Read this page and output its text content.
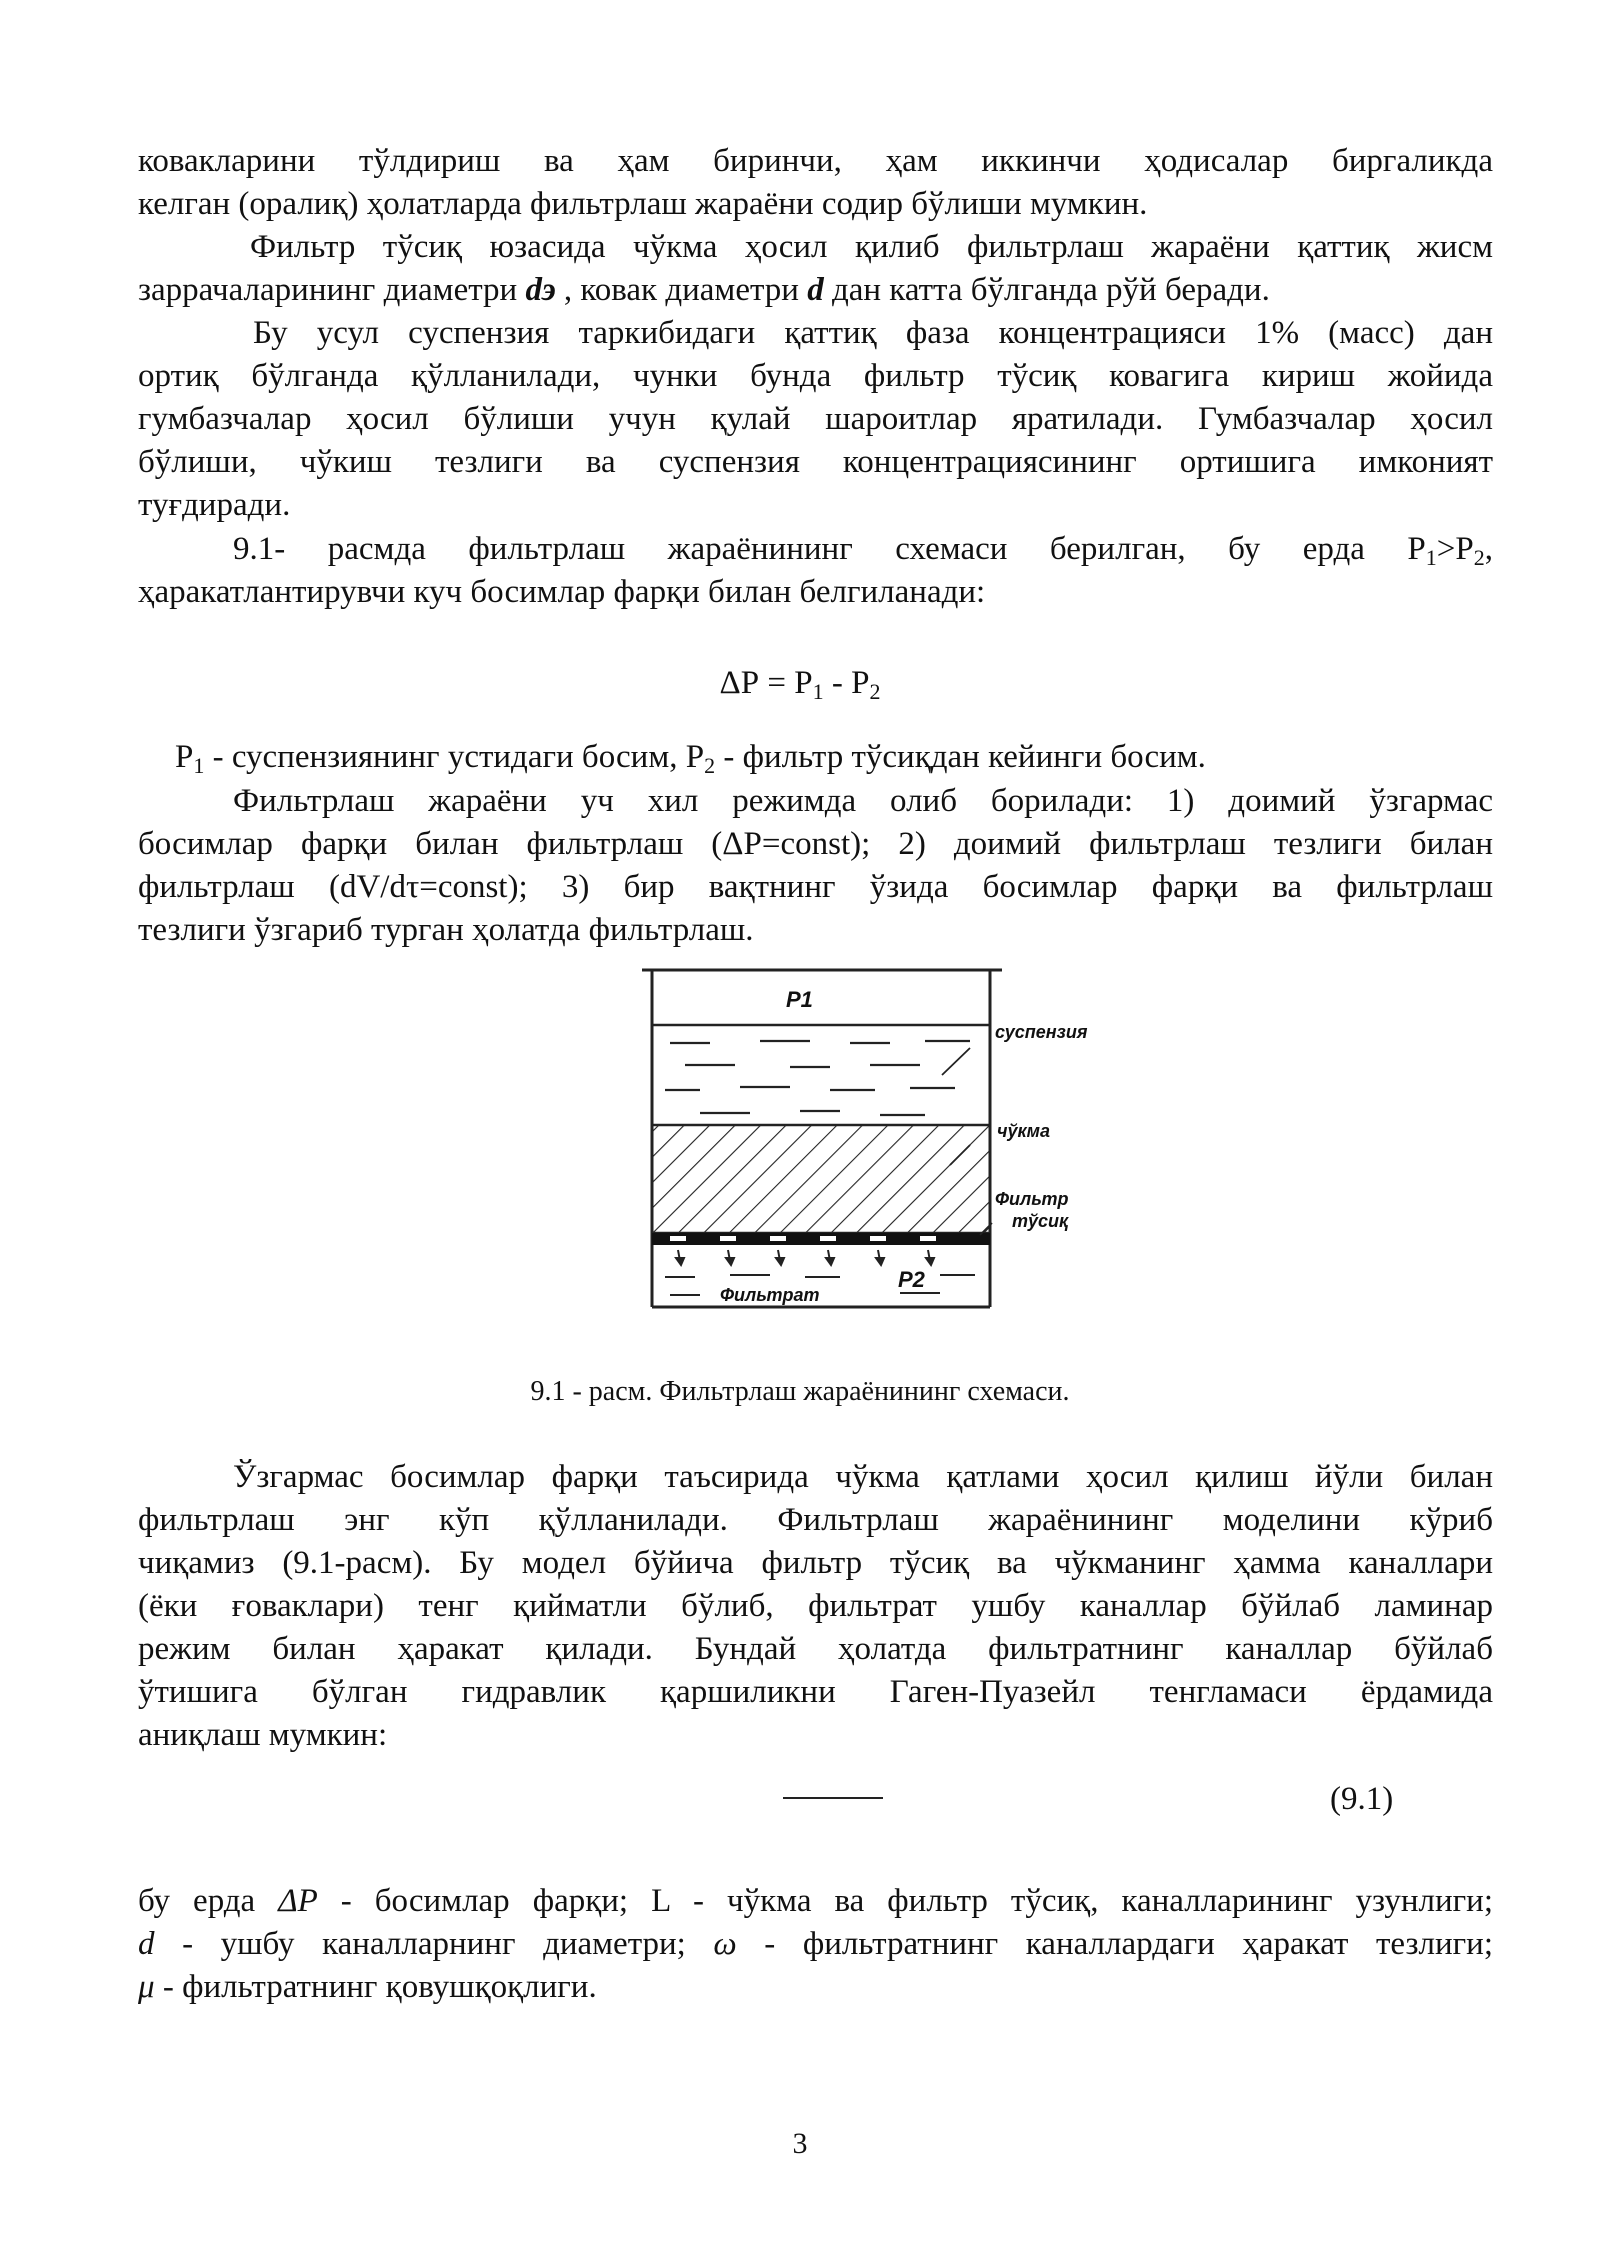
ковакларини тўлдириш ва ҳам биринчи, ҳам иккинчи ҳодисалар биргаликда
келган (оралиқ) ҳолатларда фильтрлаш жараёни содир бўлиши мумкин.
Фильтр тўсиқ юзасида чўкма ҳосил қилиб фильтрлаш жараёни қаттиқ жисм
заррачаларининг диаметри dэ , ковак диаметри d дан катта бўлганда рўй беради.
Бу усул суспензия таркибидаги қаттиқ фаза концентрацияси 1% (масс) дан
ортиқ бўлганда қўлланилади, чунки бунда фильтр тўсиқ ковагига кириш жойида
гумбазчалар ҳосил бўлиши учун қулай шароитлар яратилади. Гумбазчалар ҳосил
бўлиши, чўкиш тезлиги ва суспензия концентрациясининг ортишига имконият
туғдиради.
9.1- расмда фильтрлаш жараёнининг схемаси берилган, бу ерда $Р_1>Р_2$,
ҳаракатлантирувчи куч босимлар фарқи билан белгиланади:
$\Delta Р = Р_1 - Р_2$
$Р_1$ - суспензиянинг устидаги босим, $Р_2$ - фильтр тўсиқдан кейинги босим.
Фильтрлаш жараёни уч хил режимда олиб борилади: 1) доимий ўзгармас
босимлар фарқи билан фильтрлаш (ΔР=const); 2) доимий фильтрлаш тезлиги билан
фильтрлаш (dV/dτ=const); 3) бир вақтнинг ўзида босимлар фарқи ва фильтрлаш
тезлиги ўзгариб турган ҳолатда фильтрлаш.
P1
P2
суспензия
чўкма
Фильтр
тўсиқ
Фильтрат
9.1 - расм. Фильтрлаш жараёнининг схемаси.
Ўзгармас босимлар фарқи таъсирида чўкма қатлами ҳосил қилиш йўли билан
фильтрлаш энг кўп қўлланилади. Фильтрлаш жараёнининг моделини кўриб
чиқамиз (9.1-расм). Бу модел бўйича фильтр тўсиқ ва чўкманинг ҳамма каналлари
(ёки ғоваклари) тенг қийматли бўлиб, фильтрат ушбу каналлар бўйлаб ламинар
режим билан ҳаракат қилади. Бундай ҳолатда фильтратнинг каналлар бўйлаб
ўтишига бўлган гидравлик қаршиликни Гаген-Пуазейл тенгламаси ёрдамида
аниқлаш мумкин:
(9.1)
бу ерда ΔP - босимлар фарқи; L - чўкма ва фильтр тўсиқ, каналларининг узунлиги;
d - ушбу каналларнинг диаметри; ω - фильтратнинг каналлардаги ҳаракат тезлиги;
μ - фильтратнинг қовушқоқлиги.
3
